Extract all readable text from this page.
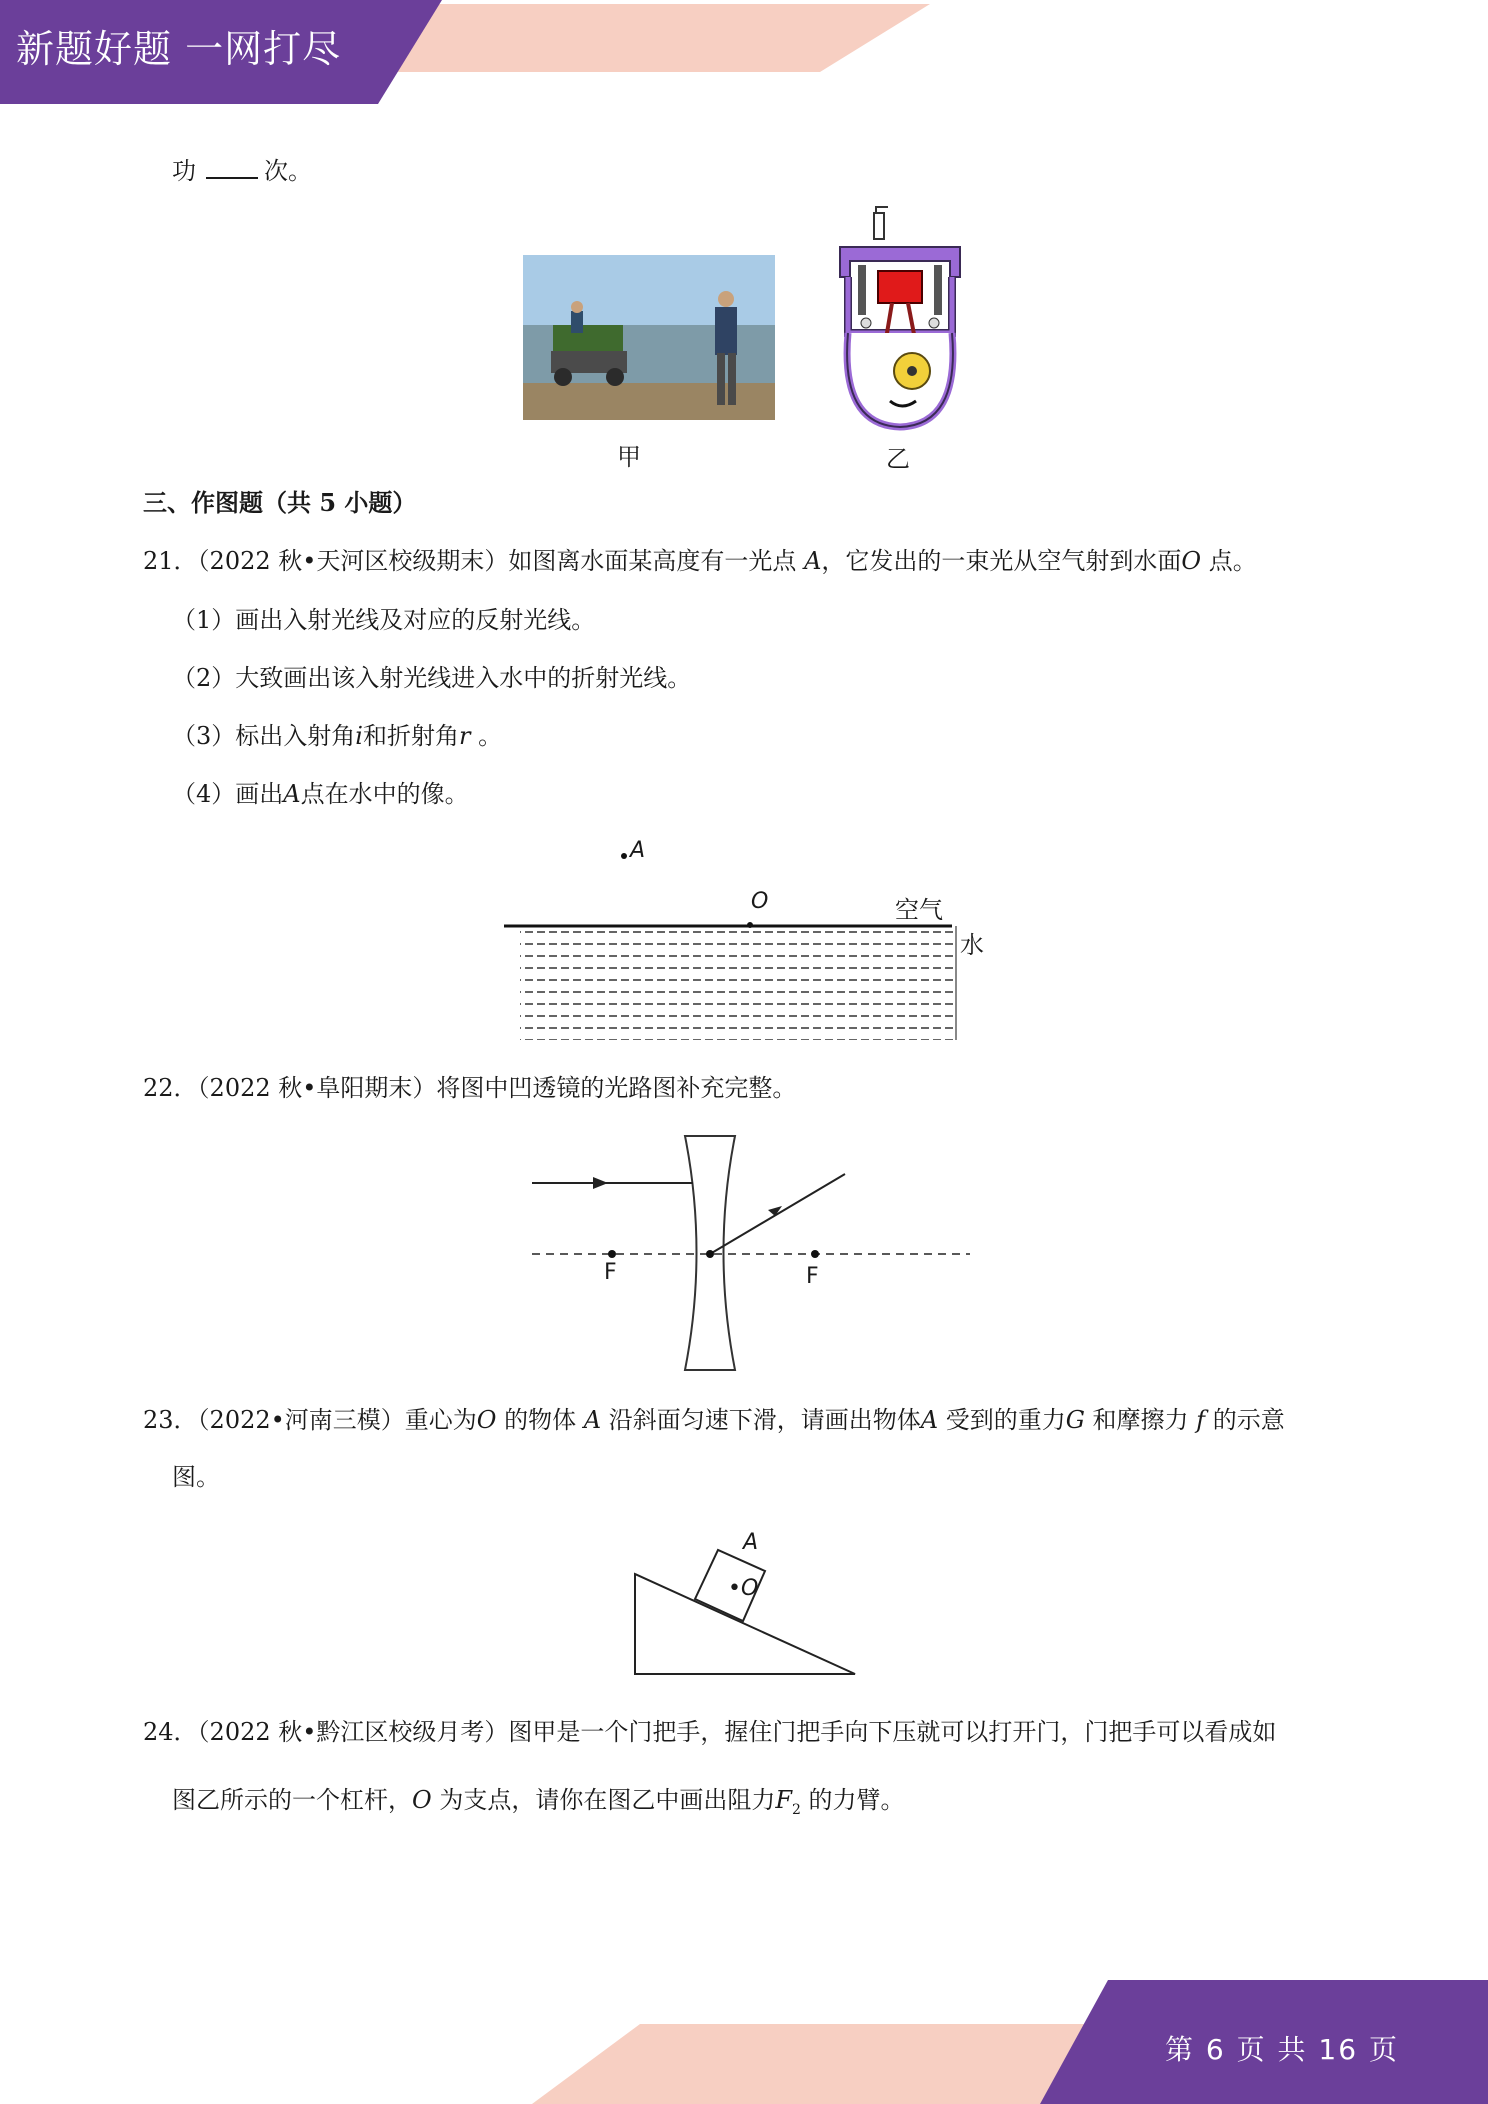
新题好题 一网打尽
功	次。
甲	乙
三、作图题（共 5 小题）
21．（2022 秋•天河区校级期末）如图离水面某高度有一光点 A，它发出的一束光从空气射到水面O 点。
（1）画出入射光线及对应的反射光线。
（2）大致画出该入射光线进入水中的折射光线。
（3）标出入射角i和折射角r 。
（4）画出A点在水中的像。
A
O	空气
水
22．（2022 秋•阜阳期末）将图中凹透镜的光路图补充完整。
F	F
23．（2022•河南三模）重心为O 的物体 A 沿斜面匀速下滑，请画出物体A 受到的重力G 和摩擦力 f 的示意
图。
A
•O
24．（2022 秋•黔江区校级月考）图甲是一个门把手，握住门把手向下压就可以打开门，门把手可以看成如
图乙所示的一个杠杆，O 为支点，请你在图乙中画出阻力$F_2$ 的力臂。
第 6 页 共 16 页
